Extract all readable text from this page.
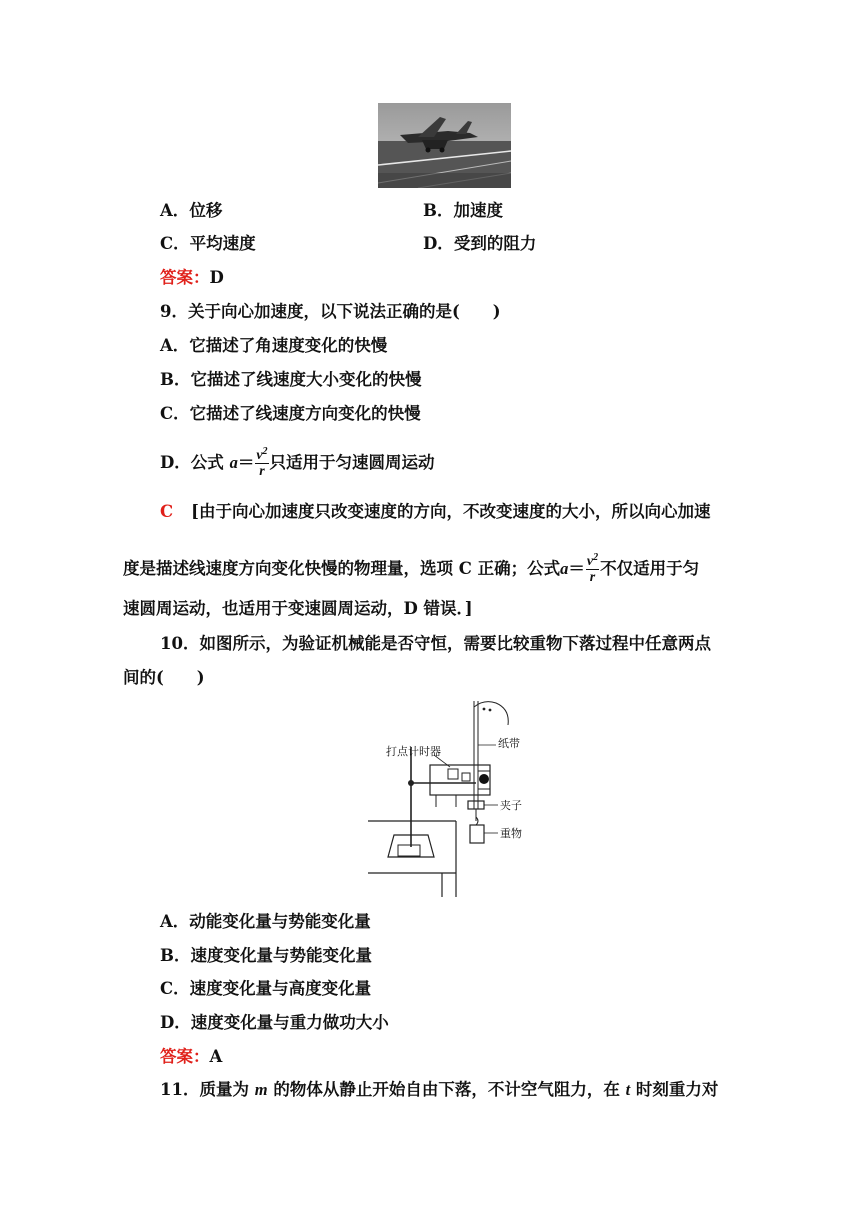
A．位移	B．加速度
C．平均速度	D．受到的阻力
答案：D
9．关于向心加速度，以下说法正确的是(　　)
A．它描述了角速度变化的快慢
B．它描述了线速度大小变化的快慢
C．它描述了线速度方向变化的快慢
D．公式 $a= \frac{v^2}{r}$ 只适用于匀速圆周运动
C [由于向心加速度只改变速度的方向，不改变速度的大小，所以向心加速
度是描述线速度方向变化快慢的物理量，选项 C 正确；公式$a= \frac{v^2}{r}$ 不仅适用于匀
速圆周运动，也适用于变速圆周运动，D 错误．]
10．如图所示，为验证机械能是否守恒，需要比较重物下落过程中任意两点
间的(　　)
打点计时器
纸带
夹子
重物
A．动能变化量与势能变化量
B．速度变化量与势能变化量
C．速度变化量与高度变化量
D．速度变化量与重力做功大小
答案：A
11．质量为 m 的物体从静止开始自由下落，不计空气阻力，在 t 时刻重力对
